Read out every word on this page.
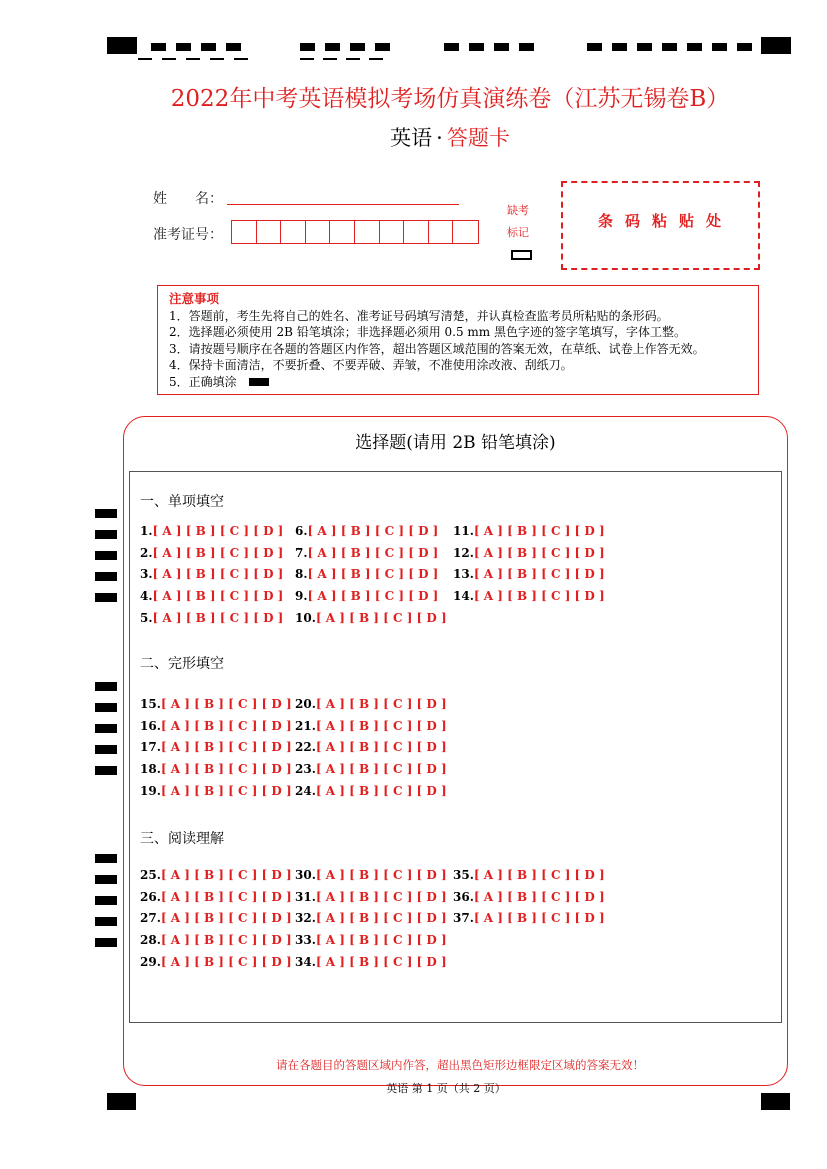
2022年中考英语模拟考场仿真演练卷（江苏无锡卷B）
英语 · 答题卡
姓　　名：
准考证号：
缺考
标记
条码粘贴处
注意事项
1．答题前，考生先将自己的姓名、准考证号码填写清楚，并认真检查监考员所粘贴的条形码。
2．选择题必须使用 2B 铅笔填涂；非选择题必须用 0.5 mm 黑色字迹的签字笔填写，字体工整。
3．请按题号顺序在各题的答题区内作答，超出答题区域范围的答案无效，在草纸、试卷上作答无效。
4．保持卡面清洁，不要折叠、不要弄破、弄皱，不准使用涂改液、刮纸刀。
5．正确填涂
选择题(请用 2B 铅笔填涂)
一、单项填空
二、完形填空
三、阅读理解
1.[ A ] [ B ] [ C ] [ D ]
2.[ A ] [ B ] [ C ] [ D ]
3.[ A ] [ B ] [ C ] [ D ]
4.[ A ] [ B ] [ C ] [ D ]
5.[ A ] [ B ] [ C ] [ D ]
6.[ A ] [ B ] [ C ] [ D ]
7.[ A ] [ B ] [ C ] [ D ]
8.[ A ] [ B ] [ C ] [ D ]
9.[ A ] [ B ] [ C ] [ D ]
10.[ A ] [ B ] [ C ] [ D ]
11.[ A ] [ B ] [ C ] [ D ]
12.[ A ] [ B ] [ C ] [ D ]
13.[ A ] [ B ] [ C ] [ D ]
14.[ A ] [ B ] [ C ] [ D ]
15.[ A ] [ B ] [ C ] [ D ]
16.[ A ] [ B ] [ C ] [ D ]
17.[ A ] [ B ] [ C ] [ D ]
18.[ A ] [ B ] [ C ] [ D ]
19.[ A ] [ B ] [ C ] [ D ]
20.[ A ] [ B ] [ C ] [ D ]
21.[ A ] [ B ] [ C ] [ D ]
22.[ A ] [ B ] [ C ] [ D ]
23.[ A ] [ B ] [ C ] [ D ]
24.[ A ] [ B ] [ C ] [ D ]
25.[ A ] [ B ] [ C ] [ D ]
26.[ A ] [ B ] [ C ] [ D ]
27.[ A ] [ B ] [ C ] [ D ]
28.[ A ] [ B ] [ C ] [ D ]
29.[ A ] [ B ] [ C ] [ D ]
30.[ A ] [ B ] [ C ] [ D ]
31.[ A ] [ B ] [ C ] [ D ]
32.[ A ] [ B ] [ C ] [ D ]
33.[ A ] [ B ] [ C ] [ D ]
34.[ A ] [ B ] [ C ] [ D ]
35.[ A ] [ B ] [ C ] [ D ]
36.[ A ] [ B ] [ C ] [ D ]
37.[ A ] [ B ] [ C ] [ D ]
请在各题目的答题区域内作答，超出黑色矩形边框限定区域的答案无效！
英语 第 1 页（共 2 页）
